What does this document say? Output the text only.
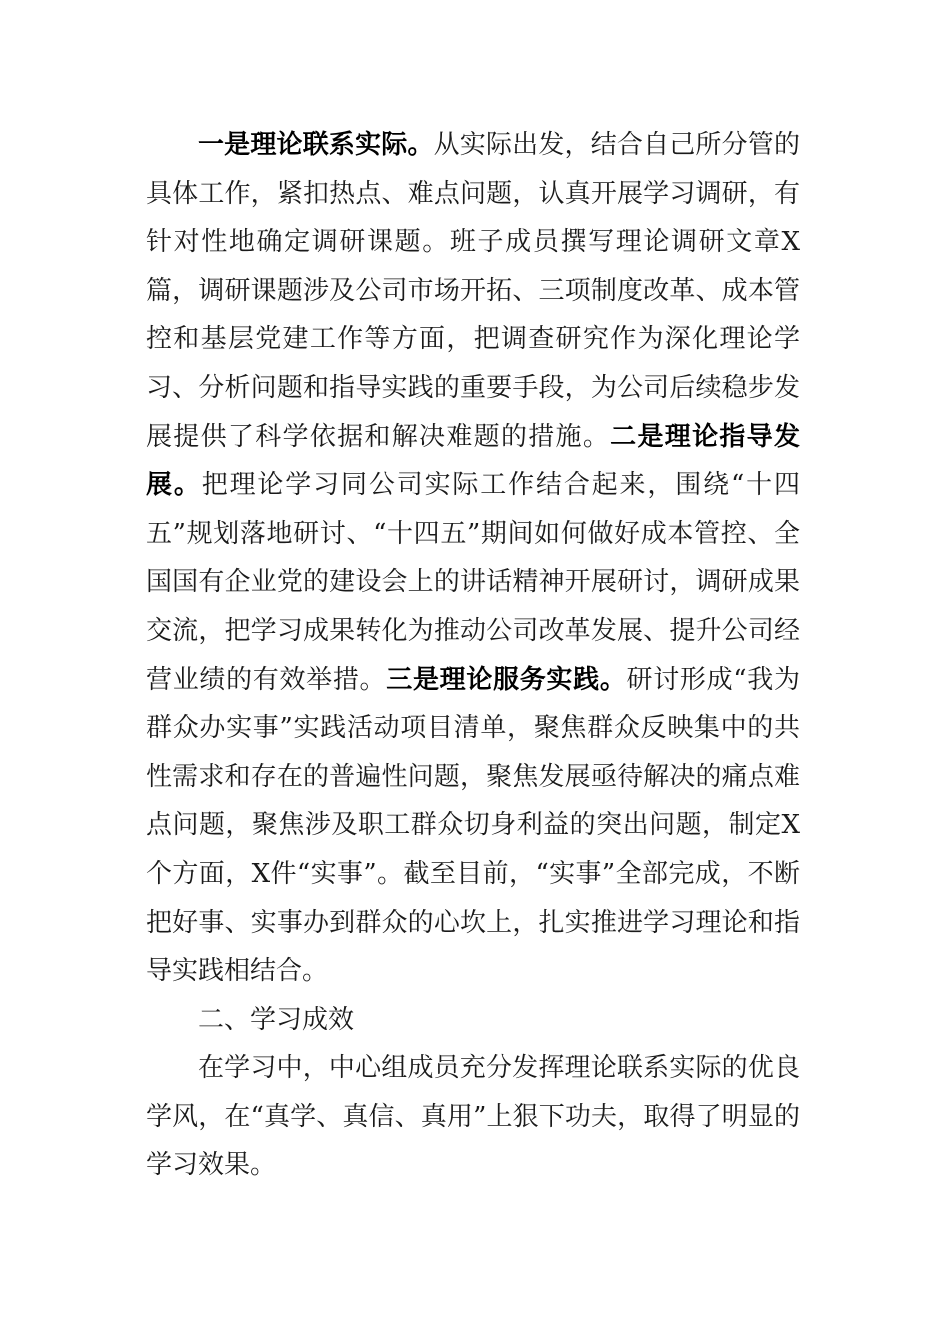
一是理论联系实际。从实际出发，结合自己所分管的具体工作，紧扣热点、难点问题，认真开展学习调研，有针对性地确定调研课题。班子成员撰写理论调研文章X篇，调研课题涉及公司市场开拓、三项制度改革、成本管控和基层党建工作等方面，把调查研究作为深化理论学习、分析问题和指导实践的重要手段，为公司后续稳步发展提供了科学依据和解决难题的措施。二是理论指导发展。把理论学习同公司实际工作结合起来，围绕“十四五”规划落地研讨、“十四五”期间如何做好成本管控、全国国有企业党的建设会上的讲话精神开展研讨，调研成果交流，把学习成果转化为推动公司改革发展、提升公司经营业绩的有效举措。三是理论服务实践。研讨形成“我为群众办实事”实践活动项目清单，聚焦群众反映集中的共性需求和存在的普遍性问题，聚焦发展亟待解决的痛点难点问题，聚焦涉及职工群众切身利益的突出问题，制定X个方面，X件“实事”。截至目前，“实事”全部完成，不断把好事、实事办到群众的心坎上，扎实推进学习理论和指导实践相结合。

二、学习成效

在学习中，中心组成员充分发挥理论联系实际的优良学风，在“真学、真信、真用”上狠下功夫，取得了明显的学习效果。
